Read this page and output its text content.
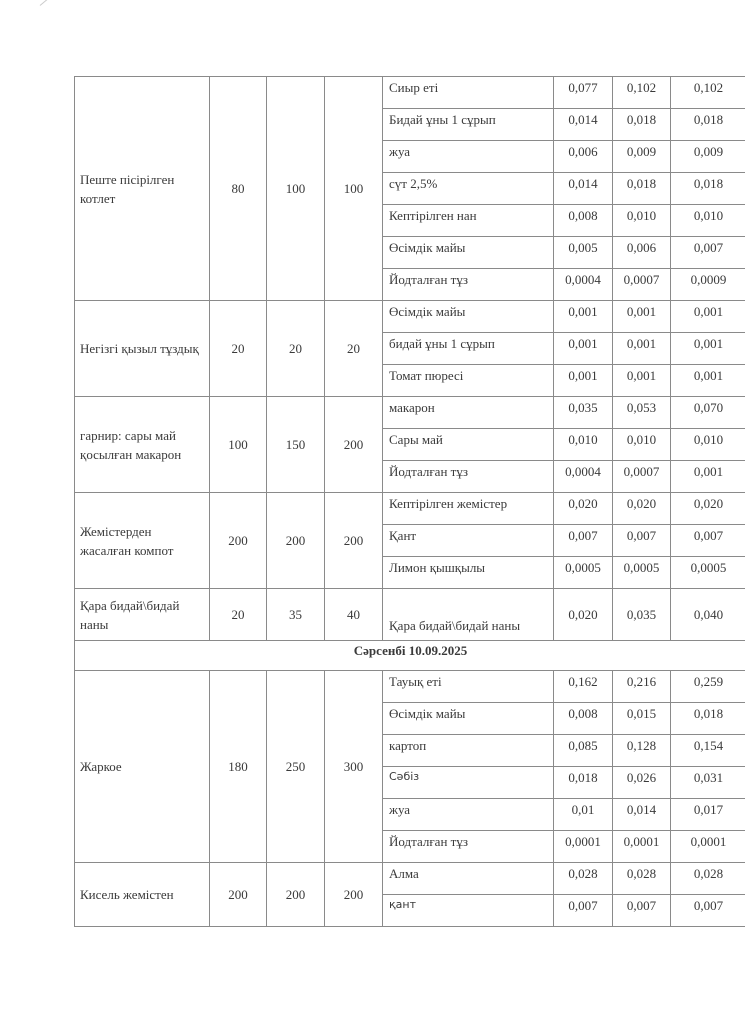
Пеште пісірілген котлет	80	100	100	Сиыр еті	0,077	0,102	0,102
				Бидай ұны 1 сұрып	0,014	0,018	0,018
				жуа	0,006	0,009	0,009
				сүт 2,5%	0,014	0,018	0,018
				Кептірілген нан	0,008	0,010	0,010
				Өсімдік майы	0,005	0,006	0,007
				Йодталған тұз	0,0004	0,0007	0,0009
Негізгі қызыл тұздық	20	20	20	Өсімдік майы	0,001	0,001	0,001
				бидай ұны 1 сұрып	0,001	0,001	0,001
				Томат пюресі	0,001	0,001	0,001
гарнир: сары май қосылған макарон	100	150	200	макарон	0,035	0,053	0,070
				Сары май	0,010	0,010	0,010
				Йодталған тұз	0,0004	0,0007	0,001
Жемістерден жасалған компот	200	200	200	Кептірілген жемістер	0,020	0,020	0,020
				Қант	0,007	0,007	0,007
				Лимон қышқылы	0,0005	0,0005	0,0005
Қара бидай\бидай наны	20	35	40	Қара бидай\бидай наны	0,020	0,035	0,040
Сәрсенбі 10.09.2025							
Жаркое	180	250	300	Тауық еті	0,162	0,216	0,259
				Өсімдік майы	0,008	0,015	0,018
				картоп	0,085	0,128	0,154
				Сәбіз	0,018	0,026	0,031
				жуа	0,01	0,014	0,017
				Йодталған тұз	0,0001	0,0001	0,0001
Кисель жемістен	200	200	200	Алма	0,028	0,028	0,028
				қант	0,007	0,007	0,007
